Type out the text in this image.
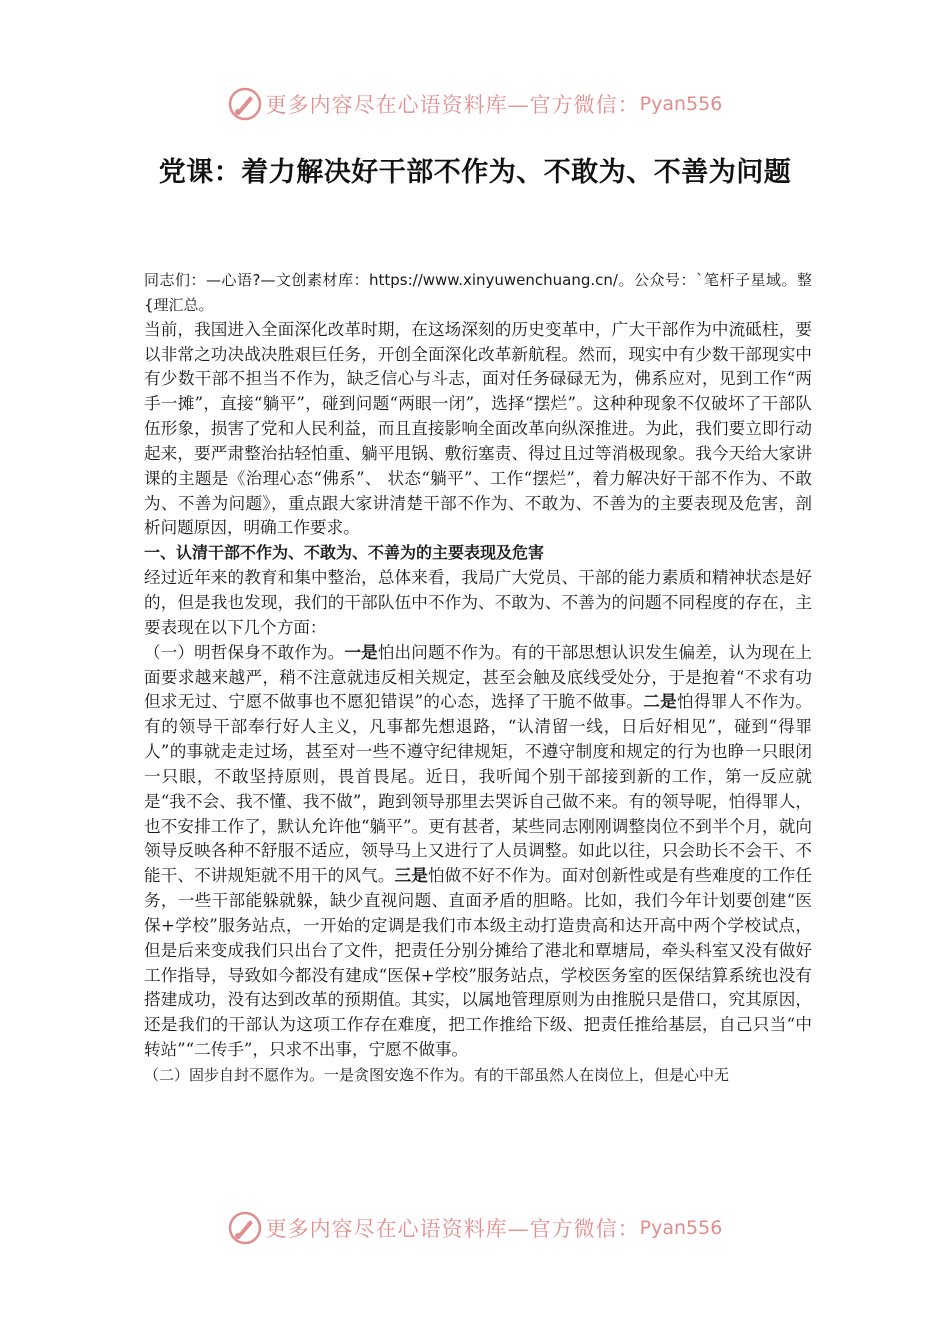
更多内容尽在心语资料库—官方微信： Pyan556
党课：着力解决好干部不作为、不敢为、不善为问题

同志们：—心语?—文创素材库：https://www.xinyuwenchuang.cn/。公众号：`笔杆子星域。整{理汇总。

当前，我国进入全面深化改革时期，在这场深刻的历史变革中，广大干部作为中流砥柱，要以非常之功决战决胜艰巨任务，开创全面深化改革新航程。然而，现实中有少数干部现实中有少数干部不担当不作为，缺乏信心与斗志，面对任务碌碌无为，佛系应对，见到工作“两手一摊”，直接“躺平”，碰到问题“两眼一闭”，选择“摆烂”。这种种现象不仅破坏了干部队伍形象，损害了党和人民利益，而且直接影响全面改革向纵深推进。为此，我们要立即行动起来，要严肃整治拈轻怕重、躺平甩锅、敷衍塞责、得过且过等消极现象。我今天给大家讲课的主题是《治理心态“佛系”、 状态“躺平”、工作“摆烂”，着力解决好干部不作为、不敢为、不善为问题》，重点跟大家讲清楚干部不作为、不敢为、不善为的主要表现及危害，剖析问题原因，明确工作要求。

一、认清干部不作为、不敢为、不善为的主要表现及危害

经过近年来的教育和集中整治，总体来看，我局广大党员、干部的能力素质和精神状态是好的，但是我也发现，我们的干部队伍中不作为、不敢为、不善为的问题不同程度的存在，主要表现在以下几个方面：

（一）明哲保身不敢作为。一是怕出问题不作为。有的干部思想认识发生偏差，认为现在上面要求越来越严，稍不注意就违反相关规定，甚至会触及底线受处分，于是抱着“不求有功但求无过、宁愿不做事也不愿犯错误”的心态，选择了干脆不做事。二是怕得罪人不作为。有的领导干部奉行好人主义，凡事都先想退路，“认清留一线，日后好相见”，碰到“得罪人”的事就走走过场，甚至对一些不遵守纪律规矩，不遵守制度和规定的行为也睁一只眼闭一只眼，不敢坚持原则，畏首畏尾。近日，我听闻个别干部接到新的工作，第一反应就是“我不会、我不懂、我不做”，跑到领导那里去哭诉自己做不来。有的领导呢，怕得罪人，也不安排工作了，默认允许他“躺平”。更有甚者，某些同志刚刚调整岗位不到半个月，就向领导反映各种不舒服不适应，领导马上又进行了人员调整。如此以往，只会助长不会干、不能干、不讲规矩就不用干的风气。三是怕做不好不作为。面对创新性或是有些难度的工作任务，一些干部能躲就躲，缺少直视问题、直面矛盾的胆略。比如，我们今年计划要创建“医保+学校”服务站点，一开始的定调是我们市本级主动打造贵高和达开高中两个学校试点，但是后来变成我们只出台了文件，把责任分别分摊给了港北和覃塘局，牵头科室又没有做好工作指导，导致如今都没有建成“医保+学校”服务站点，学校医务室的医保结算系统也没有搭建成功，没有达到改革的预期值。其实，以属地管理原则为由推脱只是借口，究其原因，还是我们的干部认为这项工作存在难度，把工作推给下级、把责任推给基层，自己只当“中转站”“二传手”，只求不出事，宁愿不做事。

（二）固步自封不愿作为。一是贪图安逸不作为。有的干部虽然人在岗位上，但是心中无

更多内容尽在心语资料库—官方微信： Pyan556
